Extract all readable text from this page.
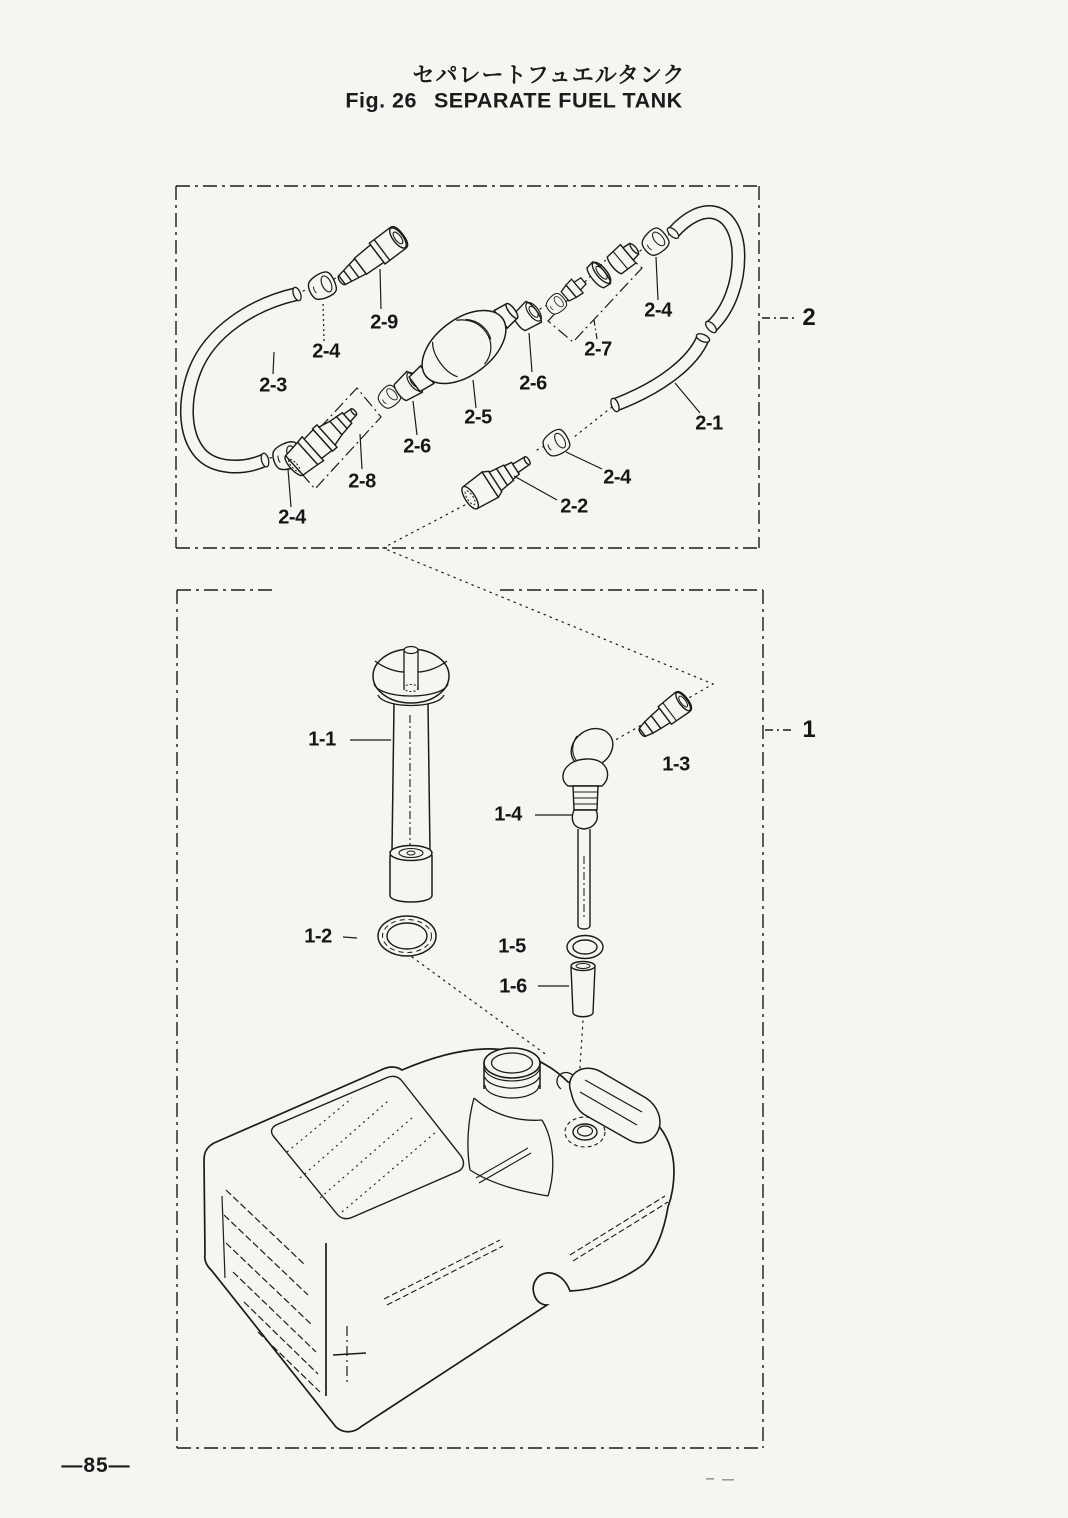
セパレートフュエルタンク
Fig. 26 SEPARATE FUEL TANK
2-9
2-4
2-3
2-6
2-5
2-6
2-7
2-4
2-1
2-8
2-4	2-2
2-4
2
1-1
1-3
1-4
1-2	1-5
1-6
1
—85—
